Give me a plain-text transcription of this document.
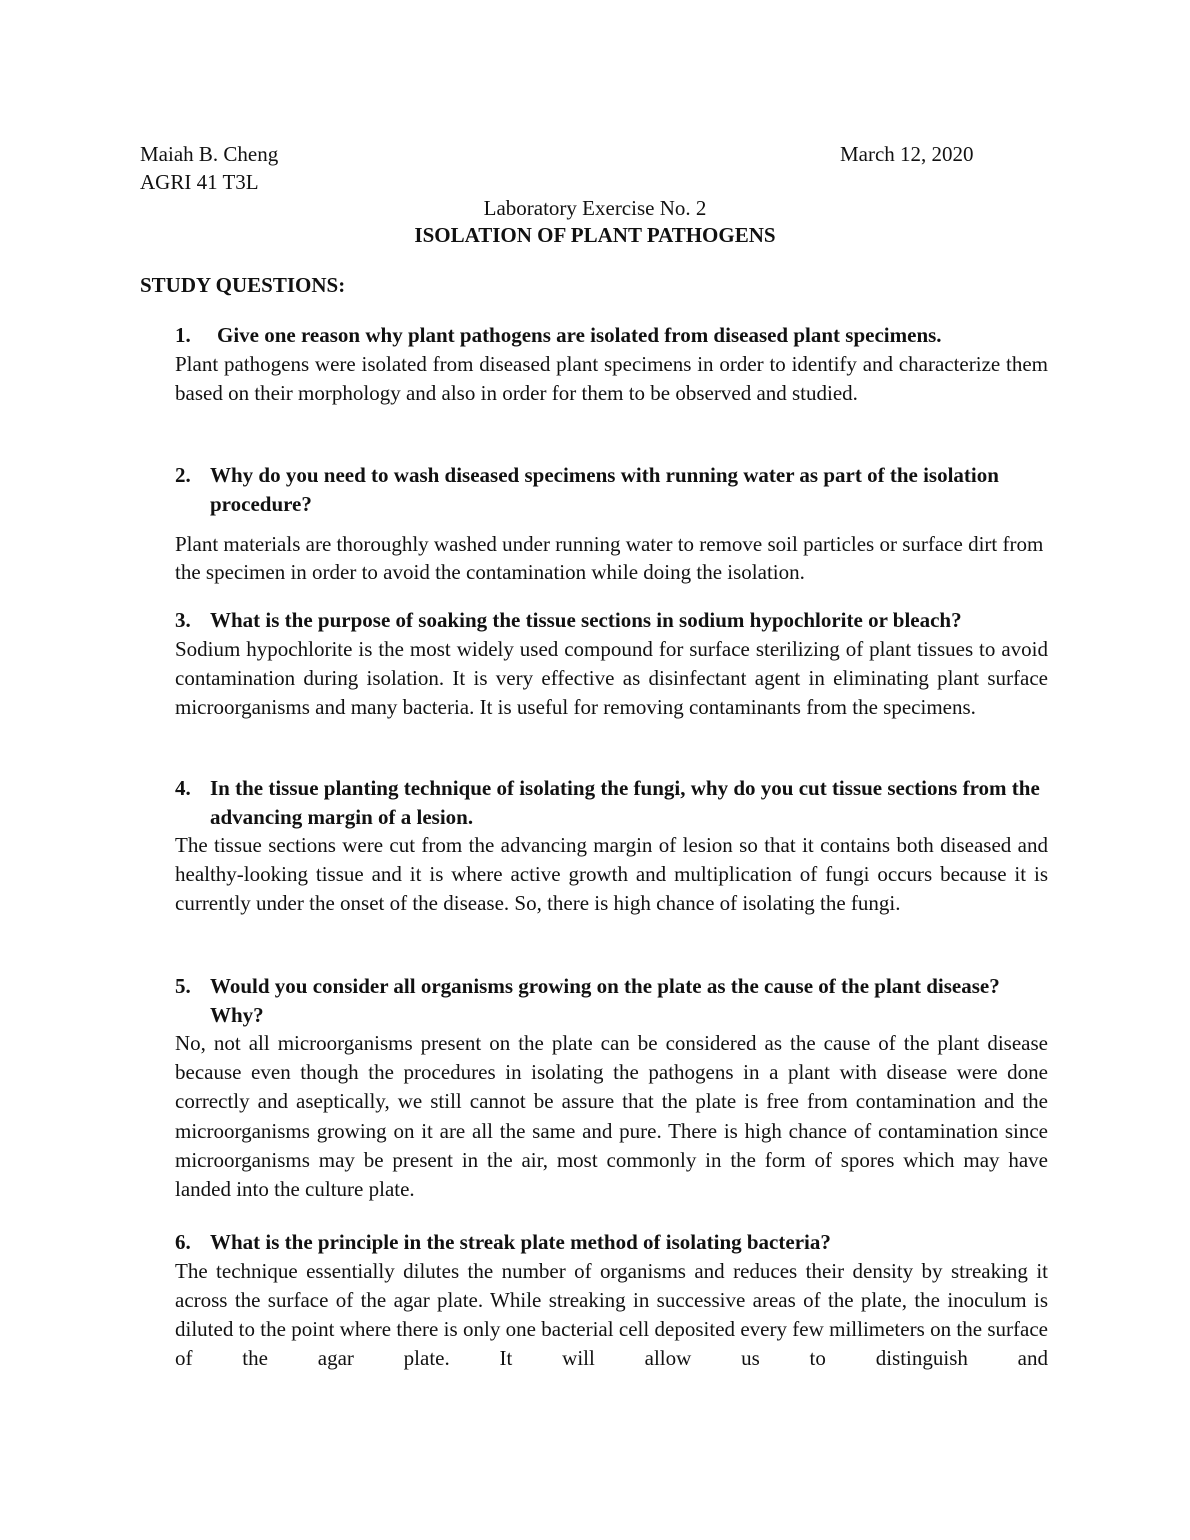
Maiah B. Cheng	March 12, 2020
AGRI 41 T3L
Laboratory Exercise No. 2
ISOLATION OF PLANT PATHOGENS
STUDY QUESTIONS:

1. Give one reason why plant pathogens are isolated from diseased plant specimens.

Plant pathogens were isolated from diseased plant specimens in order to identify and characterize them based on their morphology and also in order for them to be observed and studied.

2. Why do you need to wash diseased specimens with running water as part of the isolation procedure?

Plant materials are thoroughly washed under running water to remove soil particles or surface dirt from the specimen in order to avoid the contamination while doing the isolation.

3. What is the purpose of soaking the tissue sections in sodium hypochlorite or bleach?

Sodium hypochlorite is the most widely used compound for surface sterilizing of plant tissues to avoid contamination during isolation. It is very effective as disinfectant agent in eliminating plant surface microorganisms and many bacteria. It is useful for removing contaminants from the specimens.

4. In the tissue planting technique of isolating the fungi, why do you cut tissue sections from the advancing margin of a lesion.

The tissue sections were cut from the advancing margin of lesion so that it contains both diseased and healthy-looking tissue and it is where active growth and multiplication of fungi occurs because it is currently under the onset of the disease. So, there is high chance of isolating the fungi.

5. Would you consider all organisms growing on the plate as the cause of the plant disease? Why?

No, not all microorganisms present on the plate can be considered as the cause of the plant disease because even though the procedures in isolating the pathogens in a plant with disease were done correctly and aseptically, we still cannot be assure that the plate is free from contamination and the microorganisms growing on it are all the same and pure. There is high chance of contamination since microorganisms may be present in the air, most commonly in the form of spores which may have landed into the culture plate.

6. What is the principle in the streak plate method of isolating bacteria?

The technique essentially dilutes the number of organisms and reduces their density by streaking it across the surface of the agar plate. While streaking in successive areas of the plate, the inoculum is diluted to the point where there is only one bacterial cell deposited every few millimeters on the surface of the agar plate. It will allow us to distinguish and
